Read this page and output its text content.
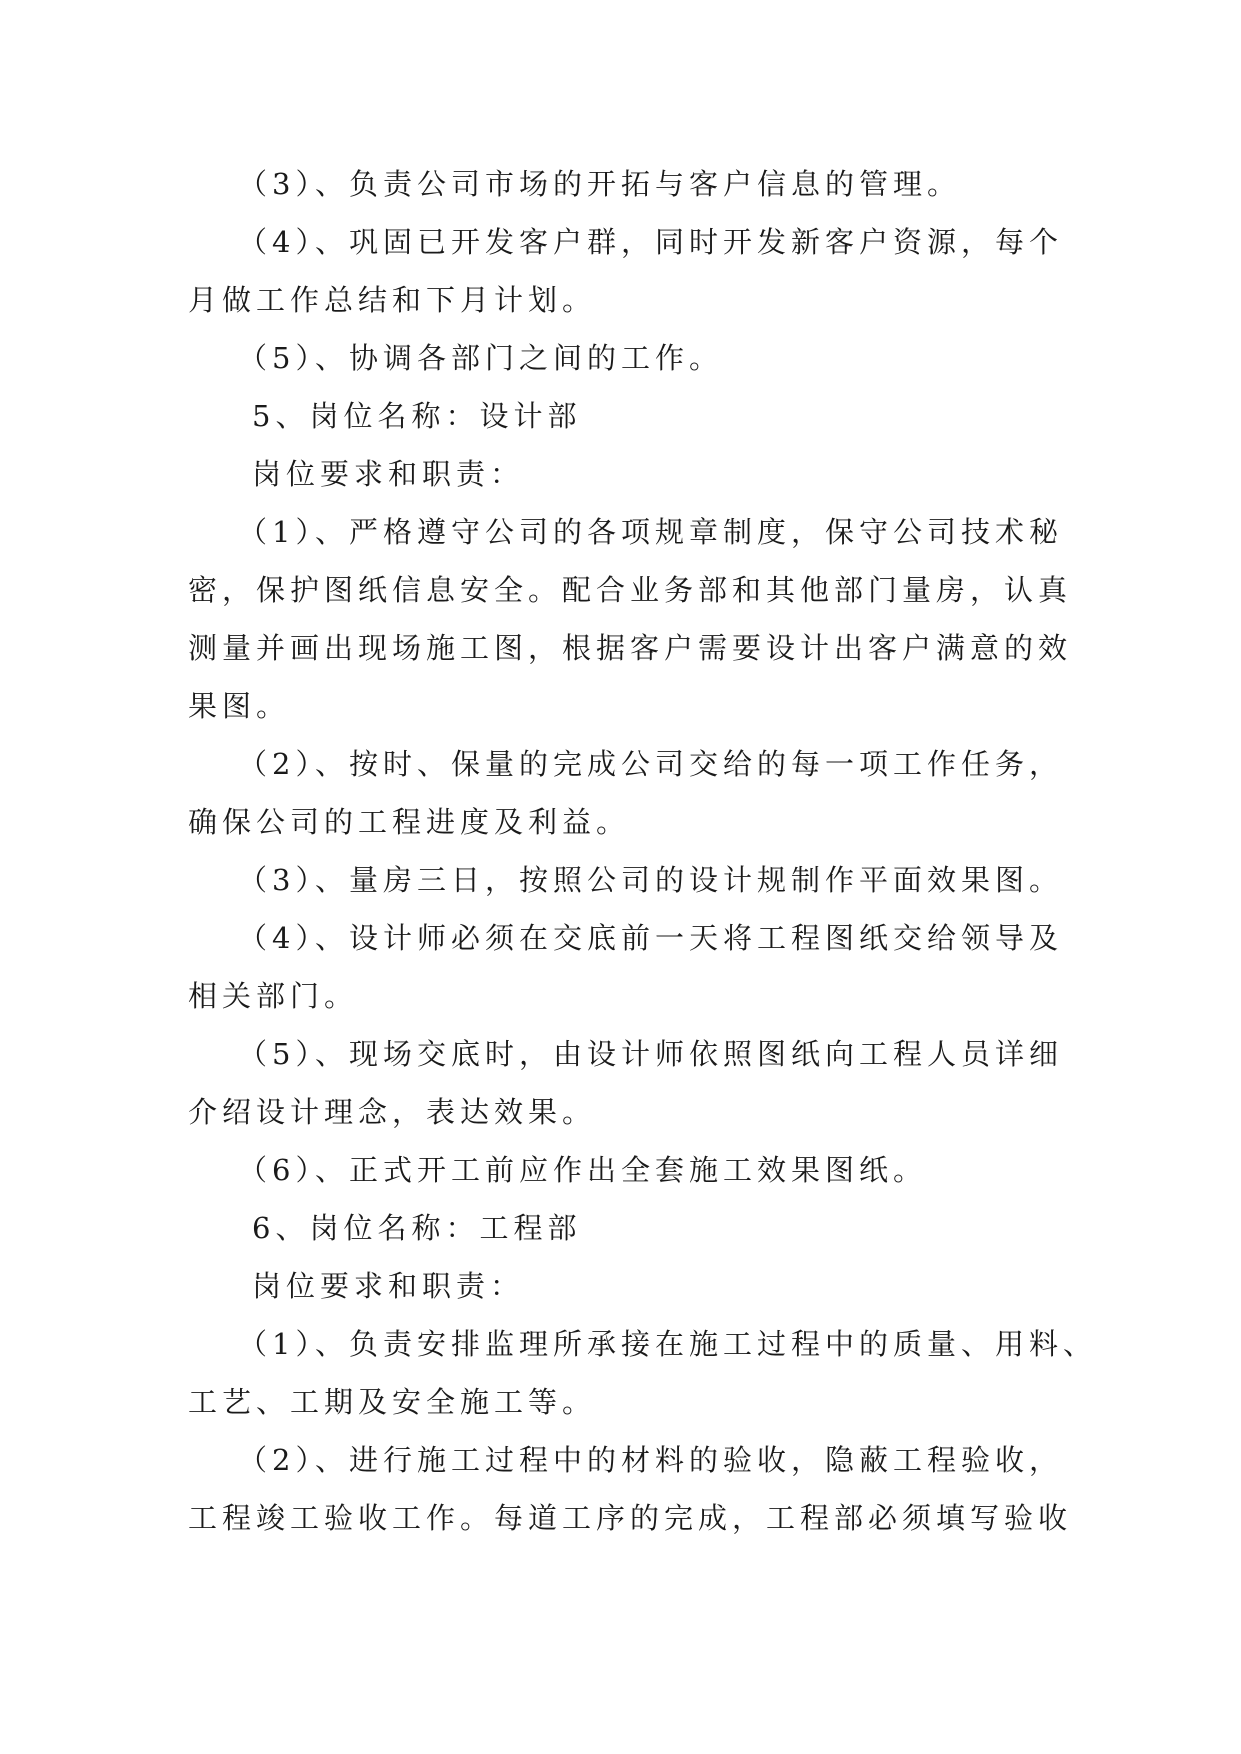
（3）、负责公司市场的开拓与客户信息的管理。
（4）、巩固已开发客户群，同时开发新客户资源，每个
月做工作总结和下月计划。
（5）、协调各部门之间的工作。
5、岗位名称：设计部
岗位要求和职责：
（1）、严格遵守公司的各项规章制度，保守公司技术秘
密，保护图纸信息安全。配合业务部和其他部门量房，认真
测量并画出现场施工图，根据客户需要设计出客户满意的效
果图。
（2）、按时、保量的完成公司交给的每一项工作任务，
确保公司的工程进度及利益。
（3）、量房三日，按照公司的设计规制作平面效果图。
（4）、设计师必须在交底前一天将工程图纸交给领导及
相关部门。
（5）、现场交底时，由设计师依照图纸向工程人员详细
介绍设计理念，表达效果。
（6）、正式开工前应作出全套施工效果图纸。
6、岗位名称：工程部
岗位要求和职责：
（1）、负责安排监理所承接在施工过程中的质量、用料、
工艺、工期及安全施工等。
（2）、进行施工过程中的材料的验收，隐蔽工程验收，
工程竣工验收工作。每道工序的完成，工程部必须填写验收
